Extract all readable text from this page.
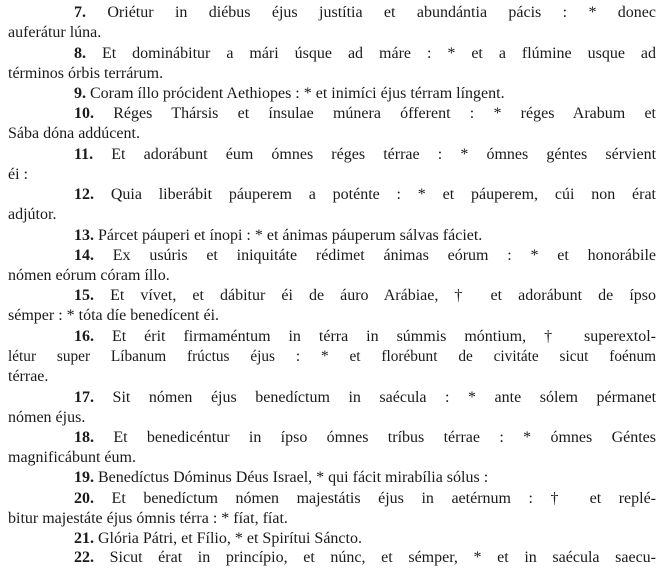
7. Oriétur in diébus éjus justítia et abundántia pácis : * donec
auferátur lúna.
8. Et dominábitur a mári úsque ad máre : * et a flúmine usque ad
términos órbis terrárum.
9. Coram íllo prócident Aethiopes : * et inimíci éjus térram língent.
10. Réges Thársis et ínsulae múnera ófferent : * réges Arabum et
Sába dóna addúcent.
11. Et adorábunt éum ómnes réges térrae : * ómnes géntes sérvient
éi :
12. Quia liberábit páuperem a poténte : * et páuperem, cúi non érat
adjútor.
13. Párcet páuperi et ínopi : * et ánimas páuperum sálvas fáciet.
14. Ex usúris et iniquitáte rédimet ánimas eórum : * et honorábile
nómen eórum córam íllo.
15. Et vívet, et dábitur éi de áuro Arábiae, † et adorábunt de ípso
sémper : * tóta díe benedícent éi.
16. Et érit firmaméntum in térra in súmmis móntium, † superextol-
létur super Líbanum frúctus éjus : * et florébunt de civitáte sicut foénum
térrae.
17. Sit nómen éjus benedíctum in saécula : * ante sólem pérmanet
nómen éjus.
18. Et benedicéntur in ípso ómnes tríbus térrae : * ómnes Géntes
magnificábunt éum.
19. Benedíctus Dóminus Déus Israel, * qui fácit mirabília sólus :
20. Et benedíctum nómen majestátis éjus in aetérnum : † et replé-
bitur majestáte éjus ómnis térra : * fíat, fíat.
21. Glória Pátri, et Fílio, * et Spirítui Sáncto.
22. Sicut érat in princípio, et núnc, et sémper, * et in saécula saecu-
